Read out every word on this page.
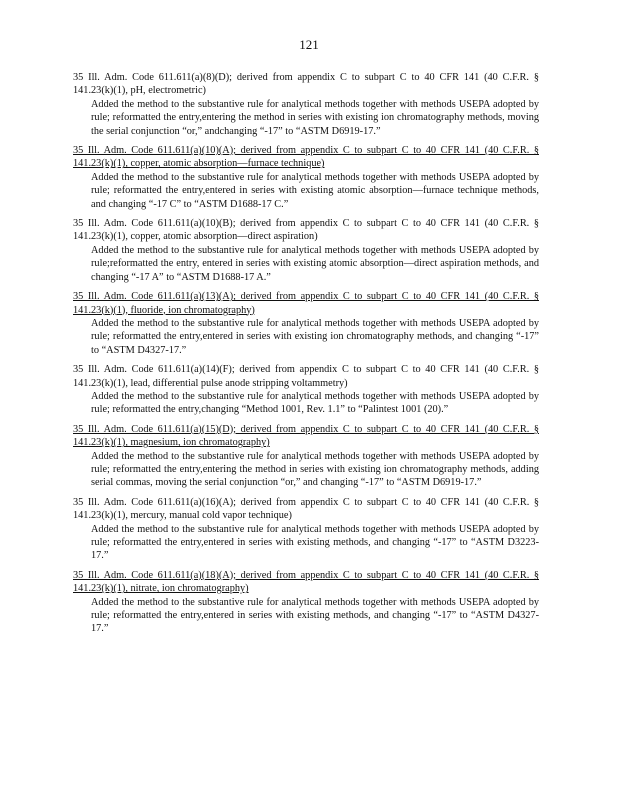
121
35 Ill. Adm. Code 611.611(a)(8)(D); derived from appendix C to subpart C to 40 CFR 141 (40 C.F.R. § 141.23(k)(1), pH, electrometric)
Added the method to the substantive rule for analytical methods together with methods USEPA adopted by rule; reformatted the entry,entering the method in series with existing ion chromatography methods, moving the serial conjunction “or,” andchanging “-17” to “ASTM D6919-17.”
35 Ill. Adm. Code 611.611(a)(10)(A); derived from appendix C to subpart C to 40 CFR 141 (40 C.F.R. § 141.23(k)(1), copper, atomic absorption—furnace technique)
Added the method to the substantive rule for analytical methods together with methods USEPA adopted by rule; reformatted the entry,entered in series with existing atomic absorption—furnace technique methods, and changing “-17 C” to “ASTM D1688-17 C.”
35 Ill. Adm. Code 611.611(a)(10)(B); derived from appendix C to subpart C to 40 CFR 141 (40 C.F.R. § 141.23(k)(1), copper, atomic absorption—direct aspiration)
Added the method to the substantive rule for analytical methods together with methods USEPA adopted by rule;reformatted the entry, entered in series with existing atomic absorption—direct aspiration methods, and changing “-17 A” to “ASTM D1688-17 A.”
35 Ill. Adm. Code 611.611(a)(13)(A); derived from appendix C to subpart C to 40 CFR 141 (40 C.F.R. § 141.23(k)(1), fluoride, ion chromatography)
Added the method to the substantive rule for analytical methods together with methods USEPA adopted by rule; reformatted the entry,entered in series with existing ion chromatography methods, and changing “-17” to “ASTM D4327-17.”
35 Ill. Adm. Code 611.611(a)(14)(F); derived from appendix C to subpart C to 40 CFR 141 (40 C.F.R. § 141.23(k)(1), lead, differential pulse anode stripping voltammetry)
Added the method to the substantive rule for analytical methods together with methods USEPA adopted by rule; reformatted the entry,changing “Method 1001, Rev. 1.1” to “Palintest 1001 (20).”
35 Ill. Adm. Code 611.611(a)(15)(D); derived from appendix C to subpart C to 40 CFR 141 (40 C.F.R. § 141.23(k)(1), magnesium, ion chromatography)
Added the method to the substantive rule for analytical methods together with methods USEPA adopted by rule; reformatted the entry,entering the method in series with existing ion chromatography methods, adding serial commas, moving the serial conjunction “or,” and changing “-17” to “ASTM D6919-17.”
35 Ill. Adm. Code 611.611(a)(16)(A); derived from appendix C to subpart C to 40 CFR 141 (40 C.F.R. § 141.23(k)(1), mercury, manual cold vapor technique)
Added the method to the substantive rule for analytical methods together with methods USEPA adopted by rule; reformatted the entry,entered in series with existing methods, and changing “-17” to “ASTM D3223-17.”
35 Ill. Adm. Code 611.611(a)(18)(A); derived from appendix C to subpart C to 40 CFR 141 (40 C.F.R. § 141.23(k)(1), nitrate, ion chromatography)
Added the method to the substantive rule for analytical methods together with methods USEPA adopted by rule; reformatted the entry,entered in series with existing methods, and changing “-17” to “ASTM D4327-17.”
